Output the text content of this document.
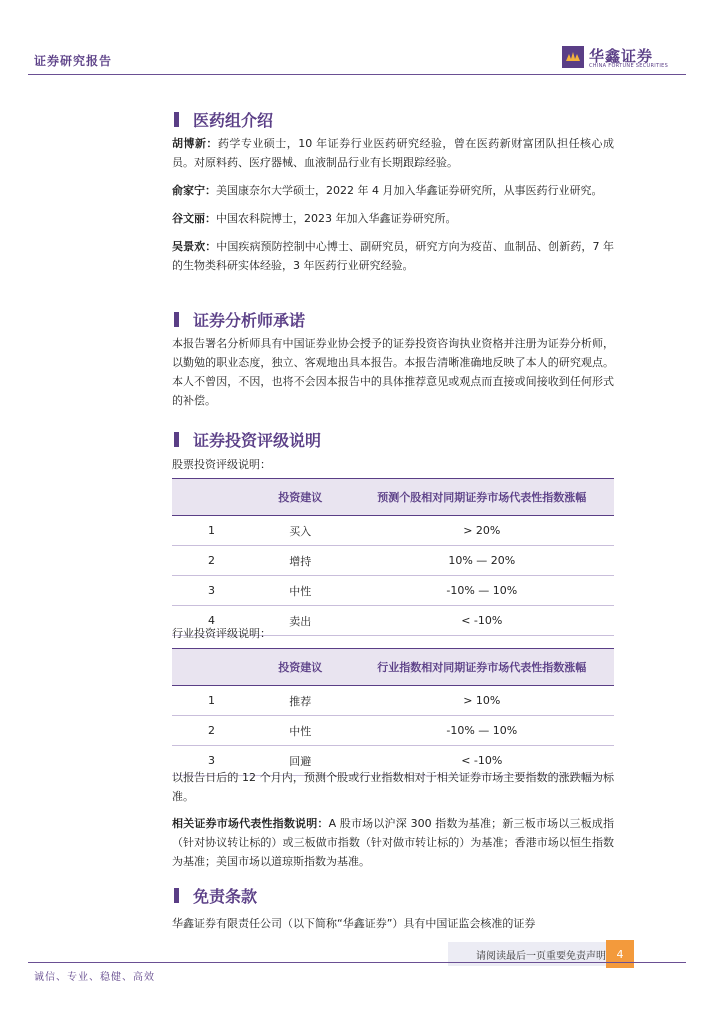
证券研究报告	华鑫证券
CHINA FORTUNE SECURITIES
医药组介绍

胡博新：药学专业硕士，10 年证券行业医药研究经验，曾在医药新财富团队担任核心成员。对原料药、医疗器械、血液制品行业有长期跟踪经验。

俞家宁：美国康奈尔大学硕士，2022 年 4 月加入华鑫证券研究所，从事医药行业研究。

谷文丽：中国农科院博士，2023 年加入华鑫证券研究所。

吴景欢：中国疾病预防控制中心博士、副研究员，研究方向为疫苗、血制品、创新药，7 年的生物类科研实体经验，3 年医药行业研究经验。

证券分析师承诺

本报告署名分析师具有中国证券业协会授予的证券投资咨询执业资格并注册为证券分析师，以勤勉的职业态度，独立、客观地出具本报告。本报告清晰准确地反映了本人的研究观点。本人不曾因，不因，也将不会因本报告中的具体推荐意见或观点而直接或间接收到任何形式的补偿。

证券投资评级说明

股票投资评级说明：

	投资建议	预测个股相对同期证券市场代表性指数涨幅
1	买入	> 20%
2	增持	10% — 20%
3	中性	-10% — 10%
4	卖出	< -10%

行业投资评级说明：

	投资建议	行业指数相对同期证券市场代表性指数涨幅
1	推荐	> 10%
2	中性	-10% — 10%
3	回避	< -10%

以报告日后的 12 个月内，预测个股或行业指数相对于相关证券市场主要指数的涨跌幅为标准。

相关证券市场代表性指数说明：A 股市场以沪深 300 指数为基准；新三板市场以三板成指（针对协议转让标的）或三板做市指数（针对做市转让标的）为基准；香港市场以恒生指数为基准；美国市场以道琼斯指数为基准。

免责条款

华鑫证券有限责任公司（以下简称“华鑫证券”）具有中国证监会核准的证券

请阅读最后一页重要免责声明 4
诚信、专业、稳健、高效
